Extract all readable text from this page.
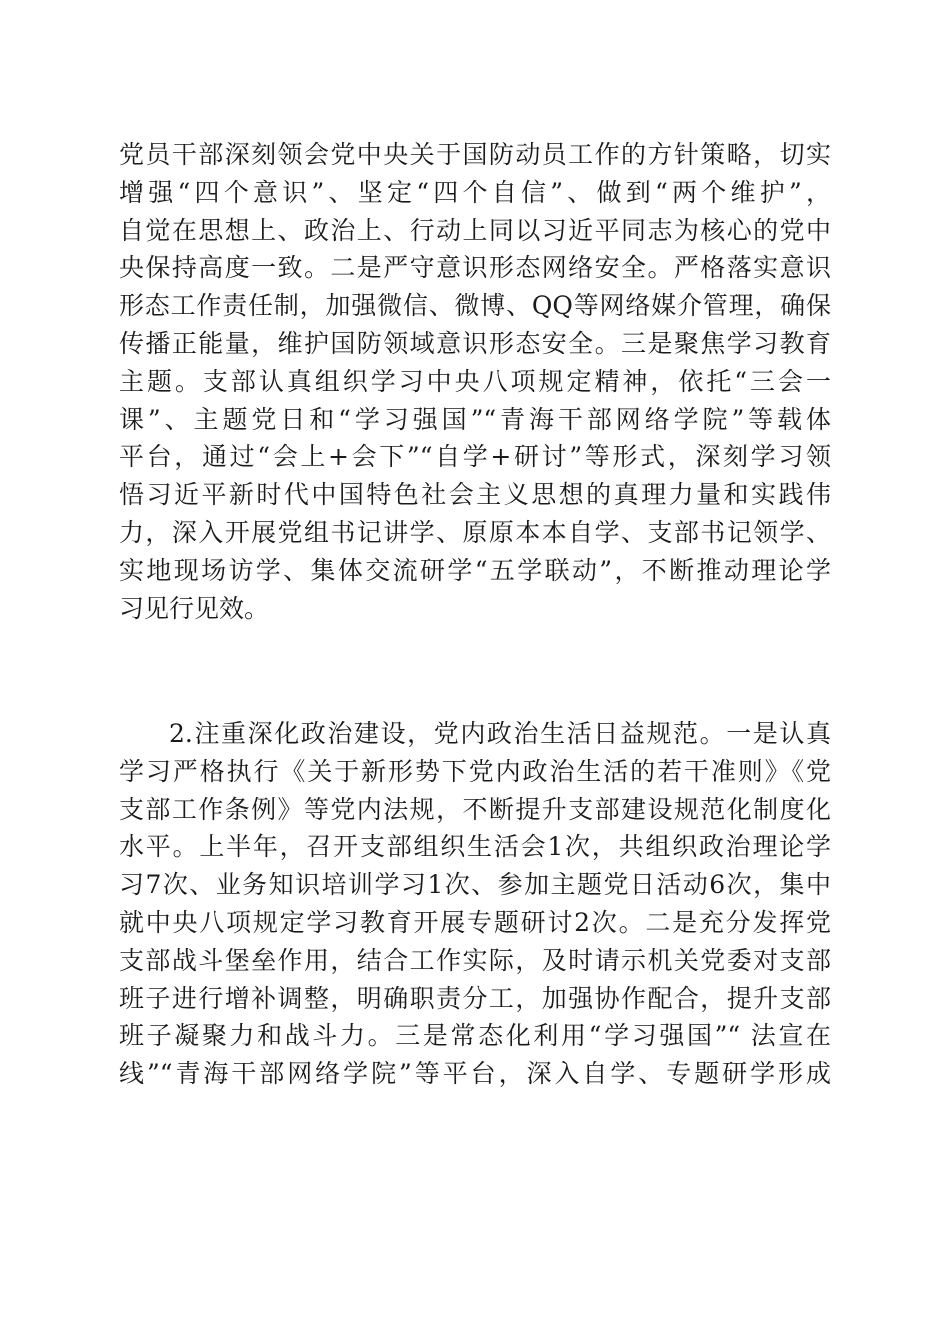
党员干部深刻领会党中央关于国防动员工作的方针策略，切实
增强“四个意识”、坚定“四个自信”、做到“两个维护”，
自觉在思想上、政治上、行动上同以习近平同志为核心的党中
央保持高度一致。二是严守意识形态网络安全。严格落实意识
形态工作责任制，加强微信、微博、QQ等网络媒介管理，确保
传播正能量，维护国防领域意识形态安全。三是聚焦学习教育
主题。支部认真组织学习中央八项规定精神，依托“三会一
课”、主题党日和“学习强国”“青海干部网络学院”等载体
平台，通过“会上+会下”“自学+研讨”等形式，深刻学习领
悟习近平新时代中国特色社会主义思想的真理力量和实践伟
力，深入开展党组书记讲学、原原本本自学、支部书记领学、
实地现场访学、集体交流研学“五学联动”，不断推动理论学
习见行见效。
2.注重深化政治建设，党内政治生活日益规范。一是认真
学习严格执行《关于新形势下党内政治生活的若干准则》《党
支部工作条例》等党内法规，不断提升支部建设规范化制度化
水平。上半年，召开支部组织生活会1次，共组织政治理论学
习7次、业务知识培训学习1次、参加主题党日活动6次，集中
就中央八项规定学习教育开展专题研讨2次。二是充分发挥党
支部战斗堡垒作用，结合工作实际，及时请示机关党委对支部
班子进行增补调整，明确职责分工，加强协作配合，提升支部
班子凝聚力和战斗力。三是常态化利用“学习强国”“ 法宣在
线”“青海干部网络学院”等平台，深入自学、专题研学形成
